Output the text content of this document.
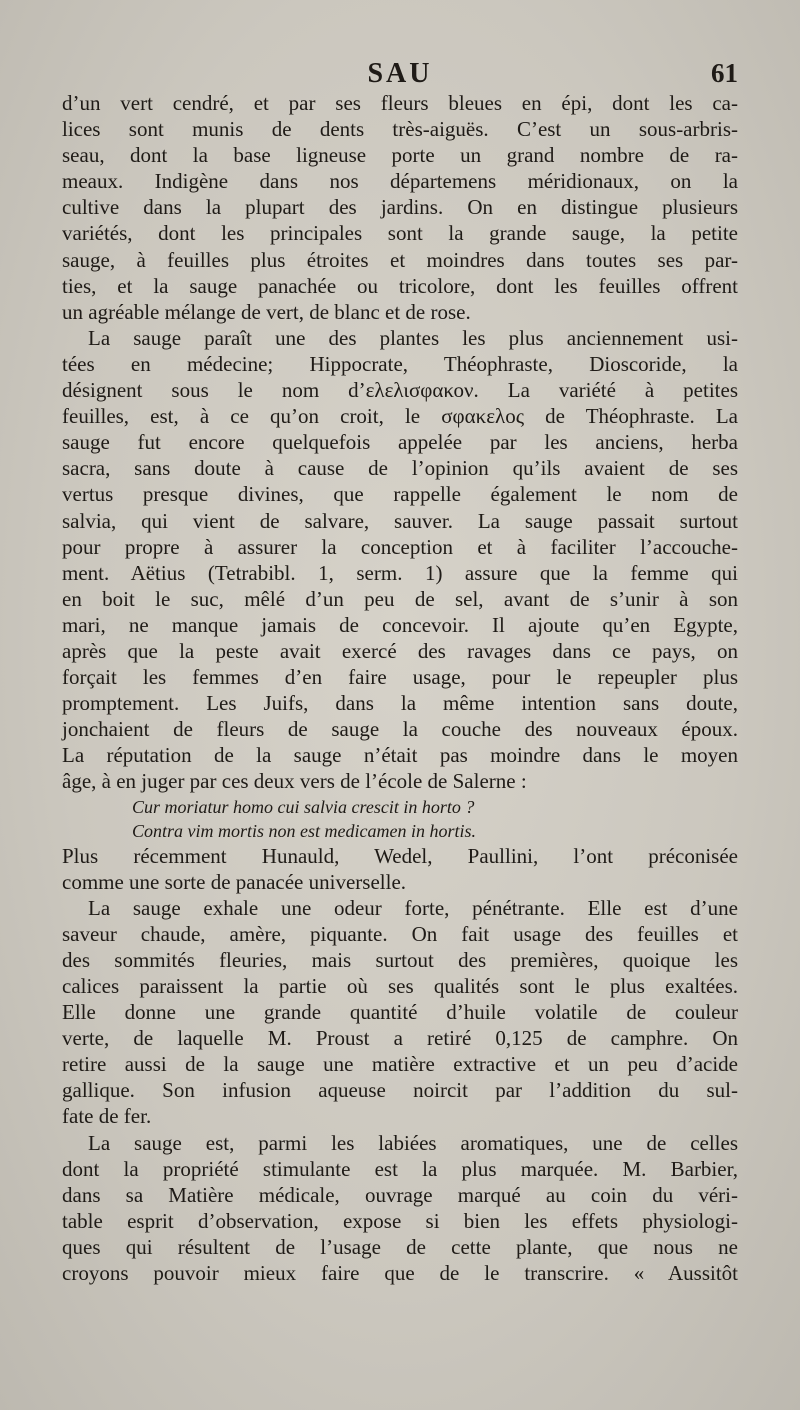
SAU	61
d’un vert cendré, et par ses fleurs bleues en épi, dont les ca-
lices sont munis de dents très-aiguës. C’est un sous-arbris-
seau, dont la base ligneuse porte un grand nombre de ra-
meaux. Indigène dans nos départemens méridionaux, on la
cultive dans la plupart des jardins. On en distingue plusieurs
variétés, dont les principales sont la grande sauge, la petite
sauge, à feuilles plus étroites et moindres dans toutes ses par-
ties, et la sauge panachée ou tricolore, dont les feuilles offrent
un agréable mélange de vert, de blanc et de rose.
La sauge paraît une des plantes les plus anciennement usi-
tées en médecine; Hippocrate, Théophraste, Dioscoride, la
désignent sous le nom d’ελελισφακον. La variété à petites
feuilles, est, à ce qu’on croit, le σφακελος de Théophraste. La
sauge fut encore quelquefois appelée par les anciens, herba
sacra, sans doute à cause de l’opinion qu’ils avaient de ses
vertus presque divines, que rappelle également le nom de
salvia, qui vient de salvare, sauver. La sauge passait surtout
pour propre à assurer la conception et à faciliter l’accouche-
ment. Aëtius (Tetrabibl. 1, serm. 1) assure que la femme qui
en boit le suc, mêlé d’un peu de sel, avant de s’unir à son
mari, ne manque jamais de concevoir. Il ajoute qu’en Egypte,
après que la peste avait exercé des ravages dans ce pays, on
forçait les femmes d’en faire usage, pour le repeupler plus
promptement. Les Juifs, dans la même intention sans doute,
jonchaient de fleurs de sauge la couche des nouveaux époux.
La réputation de la sauge n’était pas moindre dans le moyen
âge, à en juger par ces deux vers de l’école de Salerne :
Cur moriatur homo cui salvia crescit in horto ?
Contra vim mortis non est medicamen in hortis.
Plus récemment Hunauld, Wedel, Paullini, l’ont préconisée
comme une sorte de panacée universelle.
La sauge exhale une odeur forte, pénétrante. Elle est d’une
saveur chaude, amère, piquante. On fait usage des feuilles et
des sommités fleuries, mais surtout des premières, quoique les
calices paraissent la partie où ses qualités sont le plus exaltées.
Elle donne une grande quantité d’huile volatile de couleur
verte, de laquelle M. Proust a retiré 0,125 de camphre. On
retire aussi de la sauge une matière extractive et un peu d’acide
gallique. Son infusion aqueuse noircit par l’addition du sul-
fate de fer.
La sauge est, parmi les labiées aromatiques, une de celles
dont la propriété stimulante est la plus marquée. M. Barbier,
dans sa Matière médicale, ouvrage marqué au coin du véri-
table esprit d’observation, expose si bien les effets physiologi-
ques qui résultent de l’usage de cette plante, que nous ne
croyons pouvoir mieux faire que de le transcrire. « Aussitôt
